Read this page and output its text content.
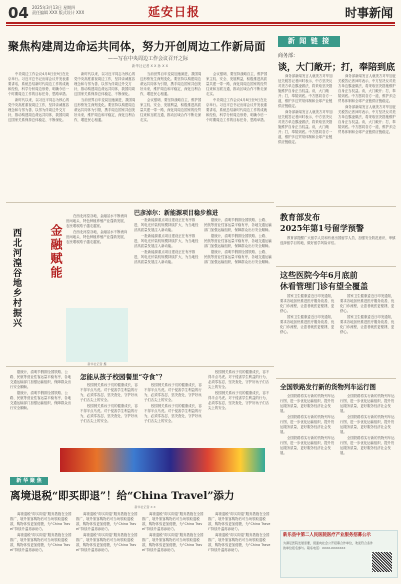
04 2025年3月13日 星期四
责任编辑 XXX 版式设计 XXX	延安日报	时事新闻
聚焦构建周边命运共同体，努力开创周边工作新局面
——写在中央周边工作会议召开之际
新华社记者 X X 孙 X X

中央周边工作会议4月8日至9日在北京举行。习近平总书记出席会议并发表重要讲话，系统总结新时代周边工作的成就和经验，科学分析周边形势，明确今后一个时期周边工作的目标任务、思路举措。

新时代以来，以习近平同志为核心的党中央高度重视周边工作，坚持亲诚惠容理念和与邻为善、以邻为伴周边外交方针，推动构建周边命运共同体，我国同周边国家关系保持总体稳定、不断深化。

新时代以来，以习近平同志为核心的党中央高度重视周边工作，坚持亲诚惠容理念和与邻为善、以邻为伴周边外交方针，推动构建周边命运共同体，我国同周边国家关系保持总体稳定、不断深化。

当前世界百年变局加速演进，我国周边形势发生深刻变化。要坚持以构建周边命运共同体为引领，携手周边国家共创美好未来，维护周边和平稳定，深化互利合作，增进民心相通。

当前世界百年变局加速演进，我国周边形势发生深刻变化。要坚持以构建周边命运共同体为引领，携手周边国家共创美好未来，维护周边和平稳定，深化互利合作，增进民心相通。

会议强调，要坚持战略自主，维护国家主权、安全、发展利益，积极推进高质量共建一带一路，深化同周边国家的经贸往来和互联互通，推动区域合作不断走深走实。

会议强调，要坚持战略自主，维护国家主权、安全、发展利益，积极推进高质量共建一带一路，深化同周边国家的经贸往来和互联互通，推动区域合作不断走深走实。

中央周边工作会议4月8日至9日在北京举行。习近平总书记出席会议并发表重要讲话，系统总结新时代周边工作的成就和经验，科学分析周边形势，明确今后一个时期周边工作的目标任务、思路举措。

新 闻 链 接
商务部：
谈，大门敞开；打，奉陪到底

商务部新闻发言人就美方对华加征关税答记者问时表示，中方坚决反对美方单边霸凌做法，将采取坚决措施维护自身正当权益。谈，大门敞开；打，奉陪到底。中方愿同各方一道，维护多边贸易体制和全球产业链供应链稳定。

商务部新闻发言人就美方对华加征关税答记者问时表示，中方坚决反对美方单边霸凌做法，将采取坚决措施维护自身正当权益。谈，大门敞开；打，奉陪到底。中方愿同各方一道，维护多边贸易体制和全球产业链供应链稳定。

商务部新闻发言人就美方对华加征关税答记者问时表示，中方坚决反对美方单边霸凌做法，将采取坚决措施维护自身正当权益。谈，大门敞开；打，奉陪到底。中方愿同各方一道，维护多边贸易体制和全球产业链供应链稳定。

商务部新闻发言人就美方对华加征关税答记者问时表示，中方坚决反对美方单边霸凌做法，将采取坚决措施维护自身正当权益。谈，大门敞开；打，奉陪到底。中方愿同各方一道，维护多边贸易体制和全球产业链供应链稳定。

西北河湟谷地乡村振兴 金融赋能

在西北河湟谷地，金融活水不断流向田间地头，特色种植养殖产业蓬勃发展，农民增收路子越走越宽。

在西北河湟谷地，金融活水不断流向田间地头，特色种植养殖产业蓬勃发展，农民增收路子越走越宽。

新华社记者 摄
巴彦淖尔：新能源项目稳步推进

一批新能源重点项目建设正在有序推进，风电光伏装机规模持续扩大，为当地经济高质量发展注入新动能。

一批新能源重点项目建设正在有序推进，风电光伏装机规模持续扩大，为当地经济高质量发展注入新动能。

一批新能源重点项目建设正在有序推进，风电光伏装机规模持续扩大，为当地经济高质量发展注入新动能。

据统计，清明节假期全国铁路、公路、民航等营业性客运量平稳有序，各地交通运输部门加强运输组织，保障群众出行安全顺畅。

据统计，清明节假期全国铁路、公路、民航等营业性客运量平稳有序，各地交通运输部门加强运输组织，保障群众出行安全顺畅。

据统计，清明节假期全国铁路、公路、民航等营业性客运量平稳有序，各地交通运输部门加强运输组织，保障群众出行安全顺畅。

教育部发布
2025年第1号留学预警

教育部提醒广大留学人员和有意出国留学人员，加强安全防范意识，审慎选择留学目的地，做好留学风险评估。

这些医院今年6月底前
休看管理门诊有望全覆盖

国家卫生健康委近日印发通知，要求各地加快推进医疗服务改善，优化门诊流程，让患者就医更便捷、更舒心。

国家卫生健康委近日印发通知，要求各地加快推进医疗服务改善，优化门诊流程，让患者就医更便捷、更舒心。

国家卫生健康委近日印发通知，要求各地加快推进医疗服务改善，优化门诊流程，让患者就医更便捷、更舒心。

国家卫生健康委近日印发通知，要求各地加快推进医疗服务改善，优化门诊流程，让患者就医更便捷、更舒心。

全国铁路发行新的货物列车运行图

全国铁路将实行新的货物列车运行图，进一步优化运输组织，提升货运服务质量，更好服务经济社会发展。

全国铁路将实行新的货物列车运行图，进一步优化运输组织，提升货运服务质量，更好服务经济社会发展。

全国铁路将实行新的货物列车运行图，进一步优化运输组织，提升货运服务质量，更好服务经济社会发展。

全国铁路将实行新的货物列车运行图，进一步优化运输组织，提升货运服务质量，更好服务经济社会发展。

全国铁路将实行新的货物列车运行图，进一步优化运输组织，提升货运服务质量，更好服务经济社会发展。

全国铁路将实行新的货物列车运行图，进一步优化运输组织，提升货运服务质量，更好服务经济社会发展。

据统计，清明节假期全国铁路、公路、民航等营业性客运量平稳有序，各地交通运输部门加强运输组织，保障群众出行安全顺畅。

据统计，清明节假期全国铁路、公路、民航等营业性客运量平稳有序，各地交通运输部门加强运输组织，保障群众出行安全顺畅。

怎能从孩子校园餐里“夺食”？

校园餐关系孩子们的健康成长，容不得半点马虎。对于侵害学生利益的行为，必须零容忍，坚决查处，守护好孩子们舌尖上的安全。

校园餐关系孩子们的健康成长，容不得半点马虎。对于侵害学生利益的行为，必须零容忍，坚决查处，守护好孩子们舌尖上的安全。

校园餐关系孩子们的健康成长，容不得半点马虎。对于侵害学生利益的行为，必须零容忍，坚决查处，守护好孩子们舌尖上的安全。

校园餐关系孩子们的健康成长，容不得半点马虎。对于侵害学生利益的行为，必须零容忍，坚决查处，守护好孩子们舌尖上的安全。

校园餐关系孩子们的健康成长，容不得半点马虎。对于侵害学生利益的行为，必须零容忍，坚决查处，守护好孩子们舌尖上的安全。

校园餐关系孩子们的健康成长，容不得半点马虎。对于侵害学生利益的行为，必须零容忍，坚决查处，守护好孩子们舌尖上的安全。

新 华 聚 焦
离境退税“即买即退”！给“China Travel”添力
新华社记者 X X

离境退税“即买即退”服务措施在全国推广，境外旅客购物后可当场领取退税款，购物体验更加便捷，为“China Travel”持续升温再添助力。

离境退税“即买即退”服务措施在全国推广，境外旅客购物后可当场领取退税款，购物体验更加便捷，为“China Travel”持续升温再添助力。

离境退税“即买即退”服务措施在全国推广，境外旅客购物后可当场领取退税款，购物体验更加便捷，为“China Travel”持续升温再添助力。

离境退税“即买即退”服务措施在全国推广，境外旅客购物后可当场领取退税款，购物体验更加便捷，为“China Travel”持续升温再添助力。

离境退税“即买即退”服务措施在全国推广，境外旅客购物后可当场领取退税款，购物体验更加便捷，为“China Travel”持续升温再添助力。

离境退税“即买即退”服务措施在全国推广，境外旅客购物后可当场领取退税款，购物体验更加便捷，为“China Travel”持续升温再添助力。

离境退税“即买即退”服务措施在全国推广，境外旅客购物后可当场领取退税款，购物体验更加便捷，为“China Travel”持续升温再添助力。

离境退税“即买即退”服务措施在全国推广，境外旅客购物后可当场领取退税款，购物体验更加便捷，为“China Travel”持续升温再添助力。

新乐县中第二人民医院医疗产业服务招募公示
为满足医院发展需要，现面向社会公开招募合作单位，欢迎符合条件的单位报名参与。联系电话：XXXX-XXXXXXX
